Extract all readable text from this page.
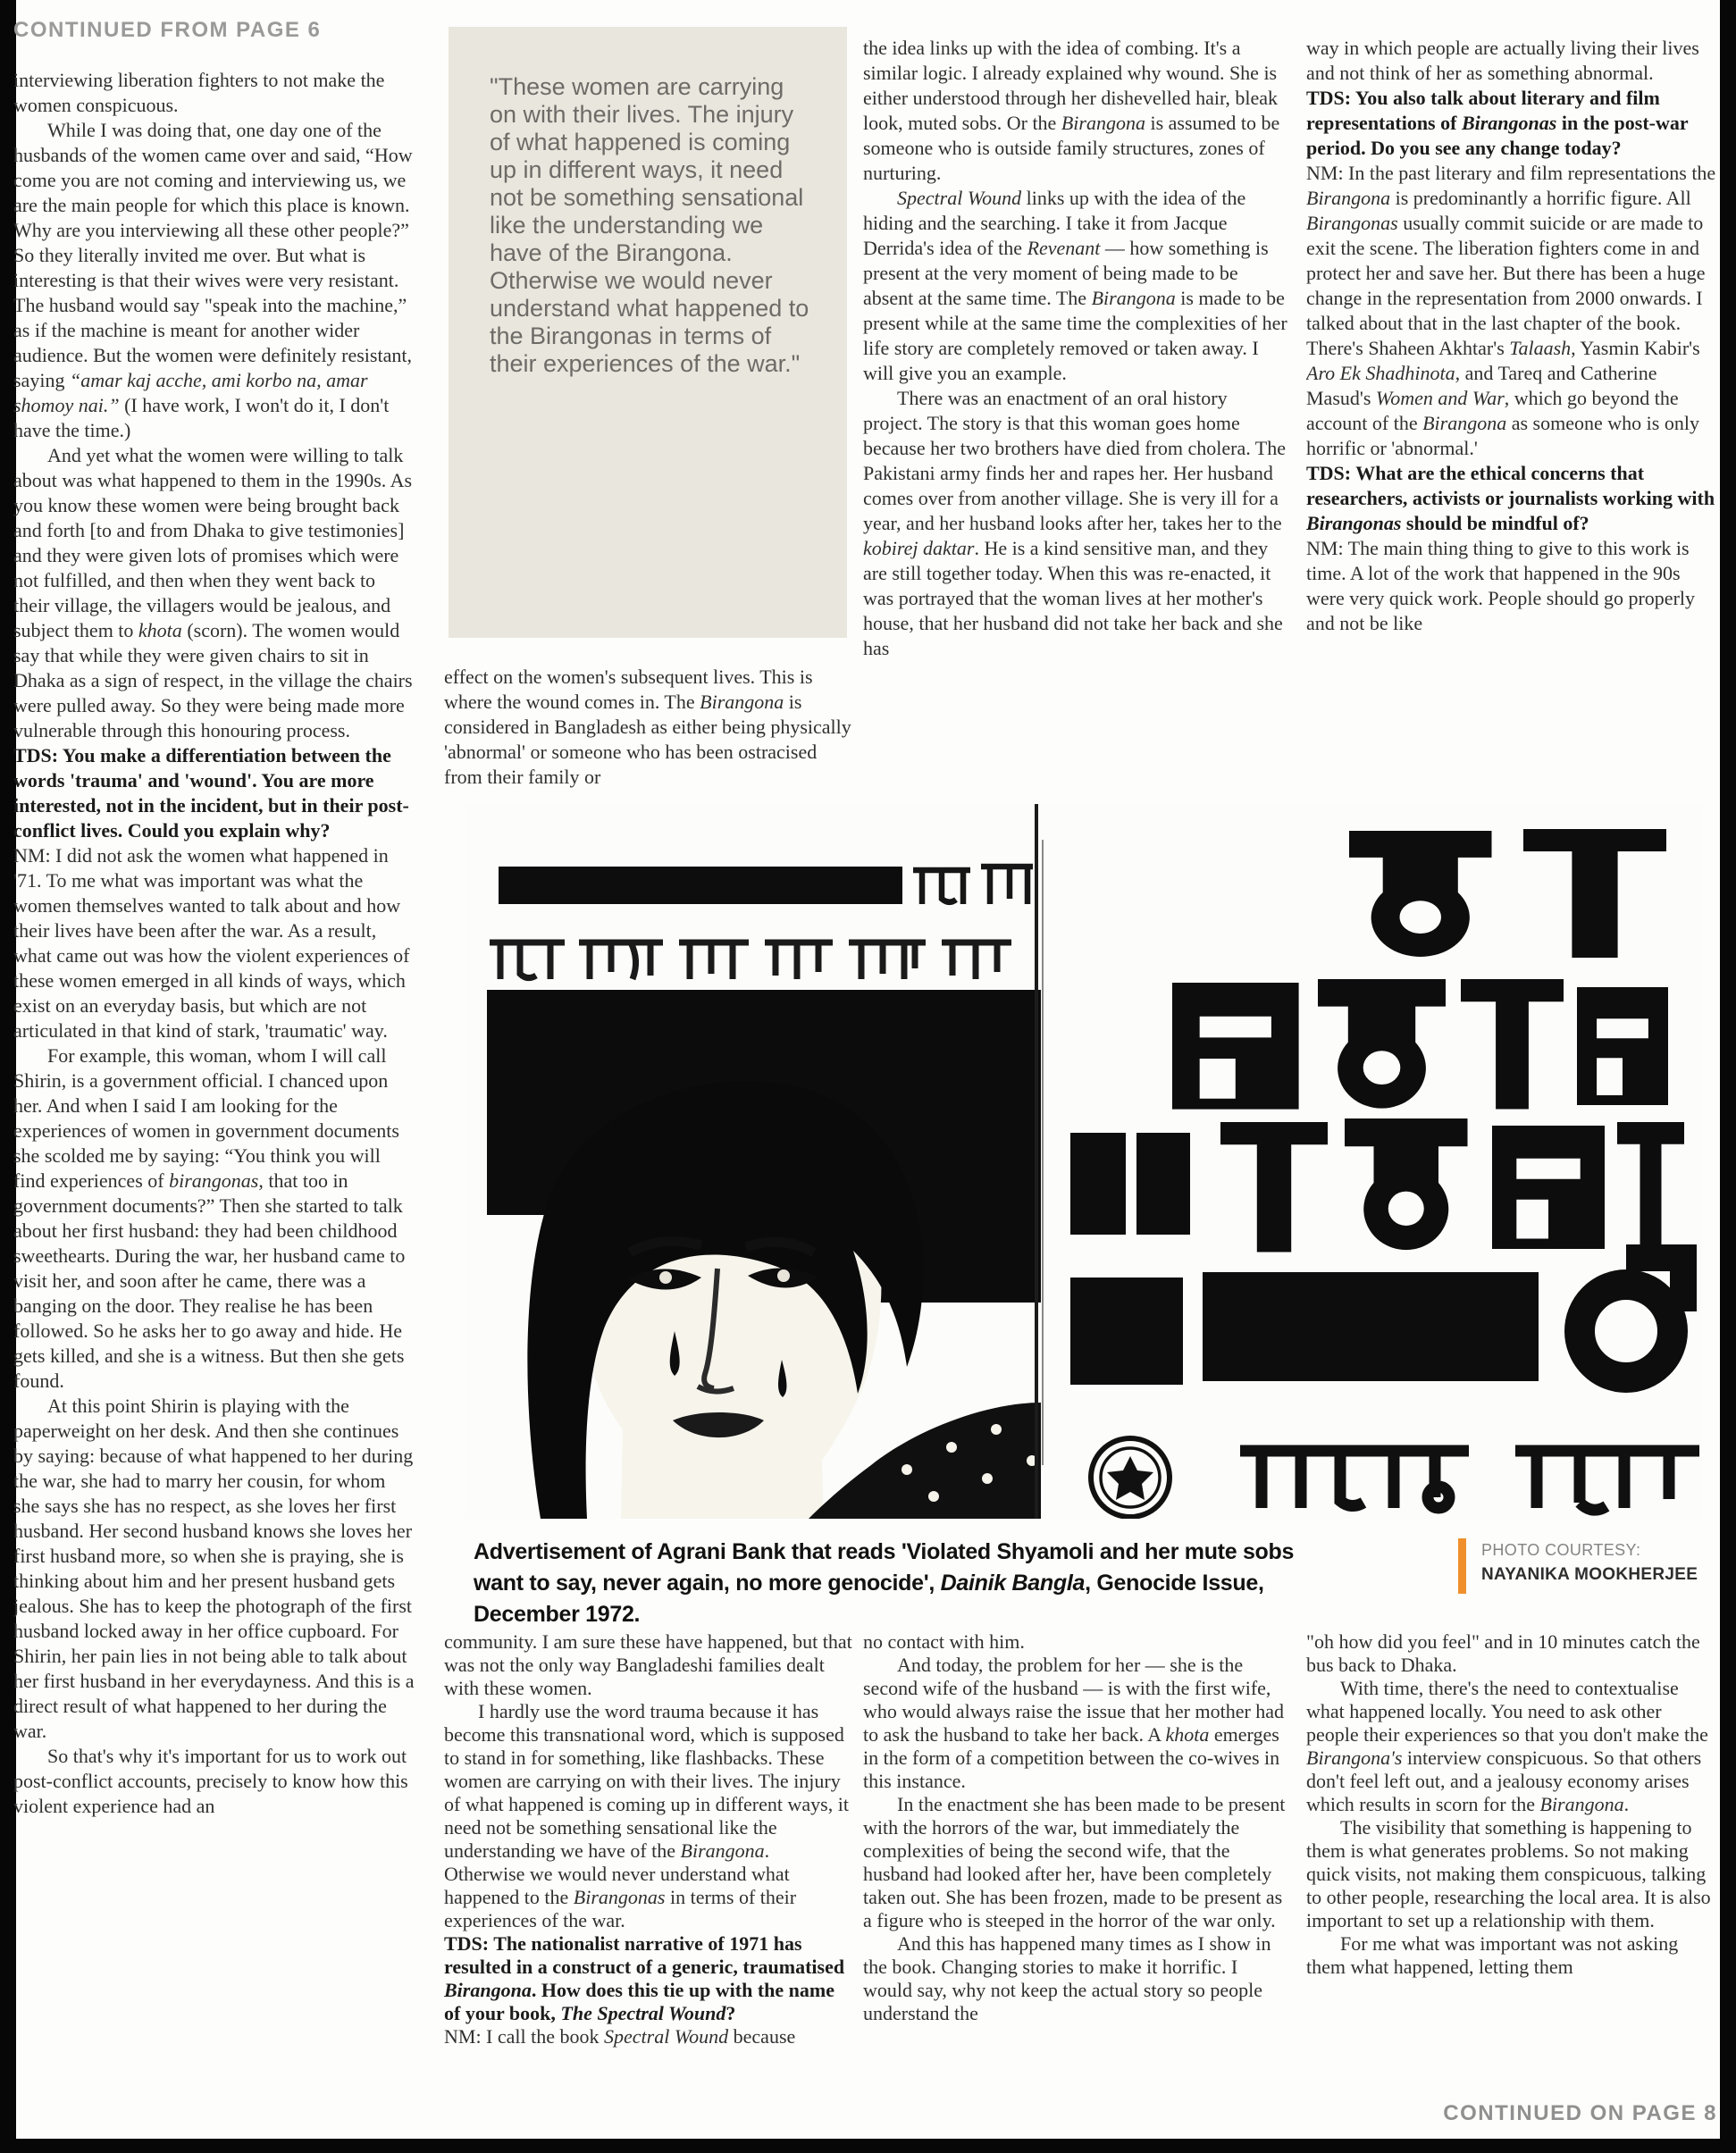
CONTINUED FROM PAGE 6
CONTINUED ON PAGE 8

interviewing liberation fighters to not make the women conspicuous.

While I was doing that, one day one of the husbands of the women came over and said, “How come you are not coming and interviewing us, we are the main people for which this place is known. Why are you interviewing all these other people?” So they literally invited me over. But what is interesting is that their wives were very resistant. The husband would say "speak into the machine,” as if the machine is meant for another wider audience. But the women were definitely resistant, saying “amar kaj acche, ami korbo na, amar shomoy nai.” (I have work, I won't do it, I don't have the time.)

And yet what the women were willing to talk about was what happened to them in the 1990s. As you know these women were being brought back and forth [to and from Dhaka to give testimonies] and they were given lots of promises which were not fulfilled, and then when they went back to their village, the villagers would be jealous, and subject them to khota (scorn). The women would say that while they were given chairs to sit in Dhaka as a sign of respect, in the village the chairs were pulled away. So they were being made more vulnerable through this honouring process.

TDS: You make a differentiation between the words 'trauma' and 'wound'. You are more interested, not in the incident, but in their post-conflict lives. Could you explain why?

NM: I did not ask the women what happened in '71. To me what was important was what the women themselves wanted to talk about and how their lives have been after the war. As a result, what came out was how the violent experiences of these women emerged in all kinds of ways, which exist on an everyday basis, but which are not articulated in that kind of stark, 'traumatic' way.

For example, this woman, whom I will call Shirin, is a government official. I chanced upon her. And when I said I am looking for the experiences of women in government documents she scolded me by saying: “You think you will find experiences of birangonas, that too in government documents?” Then she started to talk about her first husband: they had been childhood sweethearts. During the war, her husband came to visit her, and soon after he came, there was a banging on the door. They realise he has been followed. So he asks her to go away and hide. He gets killed, and she is a witness. But then she gets found.

At this point Shirin is playing with the paperweight on her desk. And then she continues by saying: because of what happened to her during the war, she had to marry her cousin, for whom she says she has no respect, as she loves her first husband. Her second husband knows she loves her first husband more, so when she is praying, she is thinking about him and her present husband gets jealous. She has to keep the photograph of the first husband locked away in her office cupboard. For Shirin, her pain lies in not being able to talk about her first husband in her everydayness. And this is a direct result of what happened to her during the war.

So that's why it's important for us to work out post-conflict accounts, precisely to know how this violent experience had an

"These women are carrying on with their lives. The injury of what happened is coming up in different ways, it need not be something sensational like the understanding we have of the Birangona. Otherwise we would never understand what happened to the Birangonas in terms of their experiences of the war."

effect on the women's subsequent lives. This is where the wound comes in. The Birangona is considered in Bangladesh as either being physically 'abnormal' or someone who has been ostracised from their family or

the idea links up with the idea of combing. It's a similar logic. I already explained why wound. She is either understood through her dishevelled hair, bleak look, muted sobs. Or the Birangona is assumed to be someone who is outside family structures, zones of nurturing.

Spectral Wound links up with the idea of the hiding and the searching. I take it from Jacque Derrida's idea of the Revenant — how something is present at the very moment of being made to be absent at the same time. The Birangona is made to be present while at the same time the complexities of her life story are completely removed or taken away. I will give you an example.

There was an enactment of an oral history project. The story is that this woman goes home because her two brothers have died from cholera. The Pakistani army finds her and rapes her. Her husband comes over from another village. She is very ill for a year, and her husband looks after her, takes her to the kobirej daktar. He is a kind sensitive man, and they are still together today. When this was re-enacted, it was portrayed that the woman lives at her mother's house, that her husband did not take her back and she has

way in which people are actually living their lives and not think of her as something abnormal.

TDS: You also talk about literary and film representations of Birangonas in the post-war period. Do you see any change today?

NM: In the past literary and film representations the Birangona is predominantly a horrific figure. All Birangonas usually commit suicide or are made to exit the scene. The liberation fighters come in and protect her and save her. But there has been a huge change in the representation from 2000 onwards. I talked about that in the last chapter of the book. There's Shaheen Akhtar's Talaash, Yasmin Kabir's Aro Ek Shadhinota, and Tareq and Catherine Masud's Women and War, which go beyond the account of the Birangona as someone who is only horrific or 'abnormal.'

TDS: What are the ethical concerns that researchers, activists or journalists working with Birangonas should be mindful of?

NM: The main thing thing to give to this work is time. A lot of the work that happened in the 90s were very quick work. People should go properly and not be like

Advertisement of Agrani Bank that reads 'Violated Shyamoli and her mute sobs want to say, never again, no more genocide', Dainik Bangla, Genocide Issue, December 1972.
PHOTO COURTESY:
NAYANIKA MOOKHERJEE

community. I am sure these have happened, but that was not the only way Bangladeshi families dealt with these women.

I hardly use the word trauma because it has become this transnational word, which is supposed to stand in for something, like flashbacks. These women are carrying on with their lives. The injury of what happened is coming up in different ways, it need not be something sensational like the understanding we have of the Birangona. Otherwise we would never understand what happened to the Birangonas in terms of their experiences of the war.

TDS: The nationalist narrative of 1971 has resulted in a construct of a generic, traumatised Birangona. How does this tie up with the name of your book, The Spectral Wound?

NM: I call the book Spectral Wound because

no contact with him.

And today, the problem for her — she is the second wife of the husband — is with the first wife, who would always raise the issue that her mother had to ask the husband to take her back. A khota emerges in the form of a competition between the co-wives in this instance.

In the enactment she has been made to be present with the horrors of the war, but immediately the complexities of being the second wife, that the husband had looked after her, have been completely taken out. She has been frozen, made to be present as a figure who is steeped in the horror of the war only.

And this has happened many times as I show in the book. Changing stories to make it horrific. I would say, why not keep the actual story so people understand the

"oh how did you feel" and in 10 minutes catch the bus back to Dhaka.

With time, there's the need to contextualise what happened locally. You need to ask other people their experiences so that you don't make the Birangona's interview conspicuous. So that others don't feel left out, and a jealousy economy arises which results in scorn for the Birangona.

The visibility that something is happening to them is what generates problems. So not making quick visits, not making them conspicuous, talking to other people, researching the local area. It is also important to set up a relationship with them.

For me what was important was not asking them what happened, letting them
